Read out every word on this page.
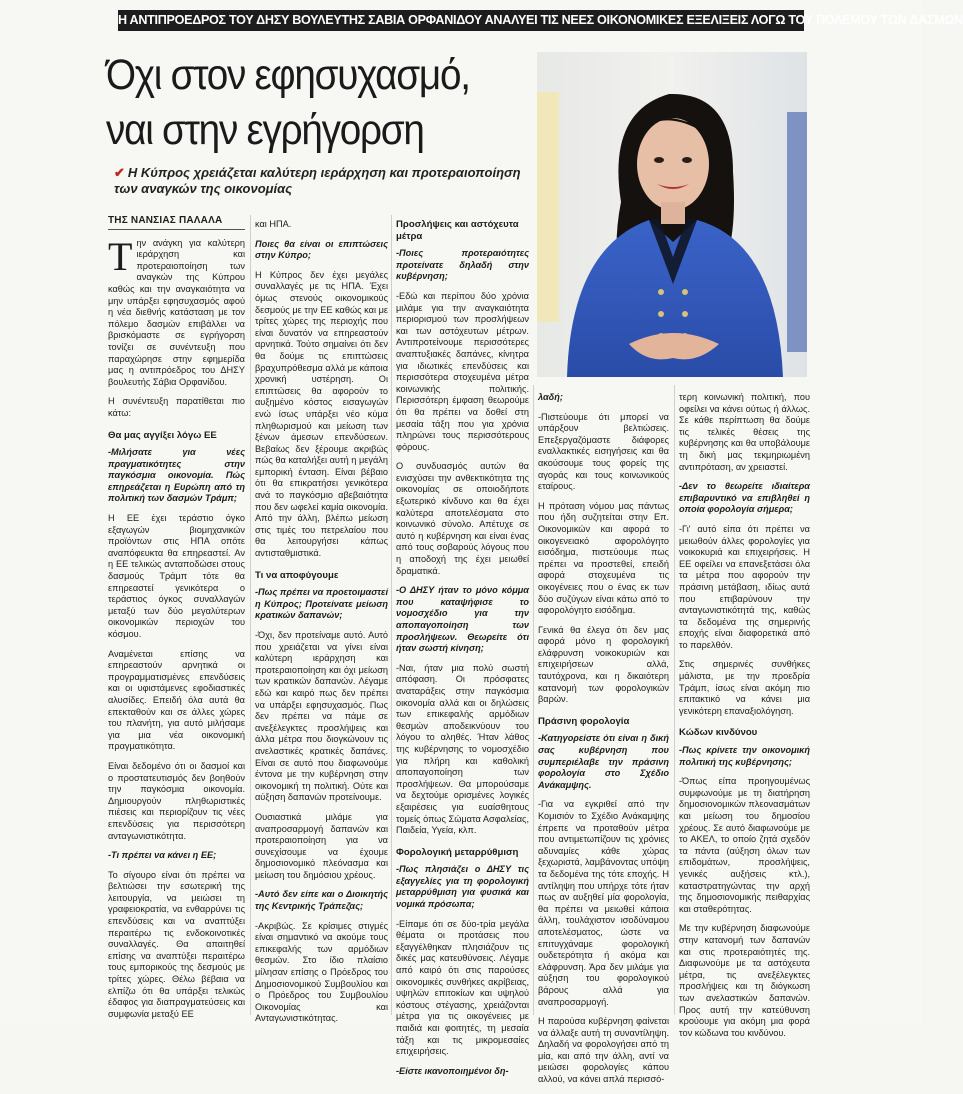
Η ΑΝΤΙΠΡΟΕΔΡΟΣ ΤΟΥ ΔΗΣΥ ΒΟΥΛΕΥΤΗΣ ΣΑΒΙΑ ΟΡΦΑΝΙΔΟΥ ΑΝΑΛΥΕΙ ΤΙΣ ΝΕΕΣ ΟΙΚΟΝΟΜΙΚΕΣ ΕΞΕΛΙΞΕΙΣ ΛΟΓΩ ΤΟΥ ΠΟΛΕΜΟΥ ΤΩΝ ΔΑΣΜΩΝ
Όχι στον εφησυχασμό,
ναι στην εγρήγορση
✔ Η Κύπρος χρειάζεται καλύτερη ιεράρχηση και προτεραιοποίηση των αναγκών της οικονομίας
ΤΗΣ ΝΑΝΣΙΑΣ ΠΑΛΑΛΑ

Την ανάγκη για καλύτερη ιεράρχηση και προτεραιοποίηση των αναγκών της Κύπρου καθώς και την αναγκαιότητα να μην υπάρξει εφησυχασμός αφού η νέα διεθνής κατάσταση με τον πόλεμο δασμών επιβάλλει να βρισκόμαστε σε εγρήγορση τονίζει σε συνέντευξη που παραχώρησε στην εφημερίδα μας η αντιπρόεδρος του ΔΗΣΥ βουλευτής Σάβια Ορφανίδου.

Η συνέντευξη παρατίθεται πιο κάτω:

Θα μας αγγίξει λόγω ΕΕ

-Μιλήσατε για νέες πραγματικότητες στην παγκόσμια οικονομία. Πώς επηρεάζεται η Ευρώπη από τη πολιτική των δασμών Τράμπ;

Η ΕΕ έχει τεράστιο όγκο εξαγωγών βιομηχανικών προϊόντων στις ΗΠΑ οπότε αναπόφευκτα θα επηρεαστεί. Αν η ΕΕ τελικώς ανταποδώσει στους δασμούς Τράμπ τότε θα επηρεαστεί γενικότερα ο τεράστιος όγκος συναλλαγών μεταξύ των δύο μεγαλύτερων οικονομικών περιοχών του κόσμου.

Αναμένεται επίσης να επηρεαστούν αρνητικά οι προγραμματισμένες επενδύσεις και οι υφιστάμενες εφοδιαστικές αλυσίδες. Επειδή όλα αυτά θα επεκταθούν και σε άλλες χώρες του πλανήτη, για αυτό μιλήσαμε για μια νέα οικονομική πραγματικότητα.

Είναι δεδομένο ότι οι δασμοί και ο προστατευτισμός δεν βοηθούν την παγκόσμια οικονομία. Δημιουργούν πληθωριστικές πιέσεις και περιορίζουν τις νέες επενδύσεις για περισσότερη ανταγωνιστικότητα.

-Τι πρέπει να κάνει η ΕΕ;

Το σίγουρο είναι ότι πρέπει να βελτιώσει την εσωτερική της λειτουργία, να μειώσει τη γραφειοκρατία, να ενθαρρύνει τις επενδύσεις και να αναπτύξει περαιτέρω τις ενδοκοινοτικές συναλλαγές. Θα απαιτηθεί επίσης να αναπτύξει περαιτέρω τους εμπορικούς της δεσμούς με τρίτες χώρες. Θέλω βέβαια να ελπίζω ότι θα υπάρξει τελικώς έδαφος για διαπραγματεύσεις και συμφωνία μεταξύ ΕΕ

και ΗΠΑ.

Ποιες θα είναι οι επιπτώσεις στην Κύπρο;

Η Κύπρος δεν έχει μεγάλες συναλλαγές με τις ΗΠΑ. Έχει όμως στενούς οικονομικούς δεσμούς με την ΕΕ καθώς και με τρίτες χώρες της περιοχής που είναι δυνατόν να επηρεαστούν αρνητικά. Τούτο σημαίνει ότι δεν θα δούμε τις επιπτώσεις βραχυπρόθεσμα αλλά με κάποια χρονική υστέρηση. Οι επιπτώσεις θα αφορούν το αυξημένο κόστος εισαγωγών ενώ ίσως υπάρξει νέο κύμα πληθωρισμού και μείωση των ξένων άμεσων επενδύσεων. Βεβαίως δεν ξέρουμε ακριβώς πώς θα καταλήξει αυτή η μεγάλη εμπορική ένταση. Είναι βέβαιο ότι θα επικρατήσει γενικότερα ανά το παγκόσμιο αβεβαιότητα που δεν ωφελεί καμία οικονομία. Από την άλλη, βλέπω μείωση στις τιμές του πετρελαίου που θα λειτουργήσει κάπως αντισταθμιστικά.

Τι να αποφύγουμε

-Πως πρέπει να προετοιμαστεί η Κύπρος; Προτείνατε μείωση κρατικών δαπανών;

-Όχι, δεν προτείναμε αυτό. Αυτό που χρειάζεται να γίνει είναι καλύτερη ιεράρχηση και προτεραιοποίηση και όχι μείωση των κρατικών δαπανών. Λέγαμε εδώ και καιρό πως δεν πρέπει να υπάρξει εφησυχασμός. Πως δεν πρέπει να πάμε σε ανεξέλεγκτες προσλήψεις και άλλα μέτρα που διογκώνουν τις ανελαστικές κρατικές δαπάνες. Είναι σε αυτό που διαφωνούμε έντονα με την κυβέρνηση στην οικονομική τη πολιτική. Ούτε και αύξηση δαπανών προτείνουμε.

Ουσιαστικά μιλάμε για αναπροσαρμογή δαπανών και προτεραιοποίηση για να συνεχίσουμε να έχουμε δημοσιονομικό πλεόνασμα και μείωση του δημόσιου χρέους.

-Αυτό δεν είπε και ο Διοικητής της Κεντρικής Τράπεζας;

-Ακριβώς. Σε κρίσιμες στιγμές είναι σημαντικό να ακούμε τους επικεφαλής των αρμόδιων θεσμών. Στο ίδιο πλαίσιο μίλησαν επίσης ο Πρόεδρος του Δημοσιονομικού Συμβουλίου και ο Πρόεδρος του Συμβουλίου Οικονομίας και Ανταγωνιστικότητας.

Προσλήψεις και αστόχευτα μέτρα

-Ποιες προτεραιότητες προτείνατε δηλαδή στην κυβέρνηση;

-Εδώ και περίπου δύο χρόνια μιλάμε για την αναγκαιότητα περιορισμού των προσλήψεων και των αστόχευτων μέτρων. Αντιπροτείνουμε περισσότερες αναπτυξιακές δαπάνες, κίνητρα για ιδιωτικές επενδύσεις και περισσότερα στοχευμένα μέτρα κοινωνικής πολιτικής. Περισσότερη έμφαση θεωρούμε ότι θα πρέπει να δοθεί στη μεσαία τάξη που για χρόνια πληρώνει τους περισσότερους φόρους.

Ο συνδυασμός αυτών θα ενισχύσει την ανθεκτικότητα της οικονομίας σε οποιοδήποτε εξωτερικό κίνδυνο και θα έχει καλύτερα αποτελέσματα στο κοινωνικό σύνολο. Απέτυχε σε αυτό η κυβέρνηση και είναι ένας από τους σοβαρούς λόγους που η αποδοχή της έχει μειωθεί δραματικά.

-Ο ΔΗΣΥ ήταν το μόνο κόμμα που καταψήφισε το νομοσχέδιο για την αποπαγοποίηση των προσλήψεων. Θεωρείτε ότι ήταν σωστή κίνηση;

-Ναι, ήταν μια πολύ σωστή απόφαση. Οι πρόσφατες αναταράξεις στην παγκόσμια οικονομία αλλά και οι δηλώσεις των επικεφαλής αρμόδιων θεσμών αποδεικνύουν του λόγου το αληθές. Ήταν λάθος της κυβέρνησης το νομοσχέδιο για πλήρη και καθολική αποπαγοποίηση των προσλήψεων. Θα μπορούσαμε να δεχτούμε ορισμένες λογικές εξαιρέσεις για ευαίσθητους τομείς όπως Σώματα Ασφαλείας, Παιδεία, Υγεία, κλπ.

Φορολογική μεταρρύθμιση

-Πως πλησιάζει ο ΔΗΣΥ τις εξαγγελίες για τη φορολογική μεταρρύθμιση για φυσικά και νομικά πρόσωπα;

-Είπαμε ότι σε δύο-τρία μεγάλα θέματα οι προτάσεις που εξαγγέλθηκαν πλησιάζουν τις δικές μας κατευθύνσεις. Λέγαμε από καιρό ότι στις παρούσες οικονομικές συνθήκες ακρίβειας, υψηλών επιτοκίων και υψηλού κόστους στέγασης, χρειάζονται μέτρα για τις οικογένειες με παιδιά και φοιτητές, τη μεσαία τάξη και τις μικρομεσαίες επιχειρήσεις.

-Είστε ικανοποιημένοι δη-

λαδή;

-Πιστεύουμε ότι μπορεί να υπάρξουν βελτιώσεις. Επεξεργαζόμαστε διάφορες εναλλακτικές εισηγήσεις και θα ακούσουμε τους φορείς της αγοράς και τους κοινωνικούς εταίρους.

Η πρόταση νόμου μας πάντως που ήδη συζητείται στην Επ. Οικονομικών και αφορά το οικογενειακό αφορολόγητο εισόδημα, πιστεύουμε πως πρέπει να προστεθεί, επειδή αφορά στοχευμένα τις οικογένειες που ο ένας εκ των δύο συζύγων είναι κάτω από το αφορολόγητο εισόδημα.

Γενικά θα έλεγα ότι δεν μας αφορά μόνο η φορολογική ελάφρυνση νοικοκυριών και επιχειρήσεων αλλά, ταυτόχρονα, και η δικαιότερη κατανομή των φορολογικών βαρών.

Πράσινη φορολογία

-Κατηγορείστε ότι είναι η δική σας κυβέρνηση που συμπεριέλαβε την πράσινη φορολογία στο Σχέδιο Ανάκαμψης.

-Για να εγκριθεί από την Κομισιόν το Σχέδιο Ανάκαμψης έπρεπε να προταθούν μέτρα που αντιμετωπίζουν τις χρόνιες αδυναμίες κάθε χώρας ξεχωριστά, λαμβάνοντας υπόψη τα δεδομένα της τότε εποχής. Η αντίληψη που υπήρχε τότε ήταν πως αν αυξηθεί μία φορολογία, θα πρέπει να μειωθεί κάποια άλλη, τουλάχιστον ισοδύναμου αποτελέσματος, ώστε να επιτυγχάναμε φορολογική ουδετερότητα ή ακόμα και ελάφρυνση. Άρα δεν μιλάμε για αύξηση του φορολογικού βάρους αλλά για αναπροσαρμογή.

Η παρούσα κυβέρνηση φαίνεται να άλλαξε αυτή τη συναντίληψη. Δηλαδή να φορολογήσει από τη μία, και από την άλλη, αντί να μειώσει φορολογίες κάπου αλλού, να κάνει απλά περισσό-

τερη κοινωνική πολιτική, που οφείλει να κάνει ούτως ή άλλως. Σε κάθε περίπτωση θα δούμε τις τελικές θέσεις της κυβέρνησης και θα υποβάλουμε τη δική μας τεκμηριωμένη αντιπρόταση, αν χρειαστεί.

-Δεν το θεωρείτε ιδιαίτερα επιβαρυντικό να επιβληθεί η οποία φορολογία σήμερα;

-Γι' αυτό είπα ότι πρέπει να μειωθούν άλλες φορολογίες για νοικοκυριά και επιχειρήσεις. Η ΕΕ οφείλει να επανεξετάσει όλα τα μέτρα που αφορούν την πράσινη μετάβαση, ιδίως αυτά που επιβαρύνουν την ανταγωνιστικότητά της, καθώς τα δεδομένα της σημερινής εποχής είναι διαφορετικά από το παρελθόν.

Στις σημερινές συνθήκες μάλιστα, με την προεδρία Τράμπ, ίσως είναι ακόμη πιο επιτακτικό να κάνει μια γενικότερη επαναξιολόγηση.

Κώδων κινδύνου

-Πως κρίνετε την οικονομική πολιτική της κυβέρνησης;

-Όπως είπα προηγουμένως συμφωνούμε με τη διατήρηση δημοσιονομικών πλεονασμάτων και μείωση του δημοσίου χρέους. Σε αυτό διαφωνούμε με το ΑΚΕΛ, το οποίο ζητά σχεδόν τα πάντα (αύξηση όλων των επιδομάτων, προσλήψεις, γενικές αυξήσεις κτλ.), καταστρατηγώντας την αρχή της δημοσιονομικής πειθαρχίας και σταθερότητας.

Με την κυβέρνηση διαφωνούμε στην κατανομή των δαπανών και στις προτεραιότητές της. Διαφωνούμε με τα αστόχευτα μέτρα, τις ανεξέλεγκτες προσλήψεις και τη διόγκωση των ανελαστικών δαπανών. Προς αυτή την κατεύθυνση κρούουμε για ακόμη μια φορά τον κώδωνα του κινδύνου.
